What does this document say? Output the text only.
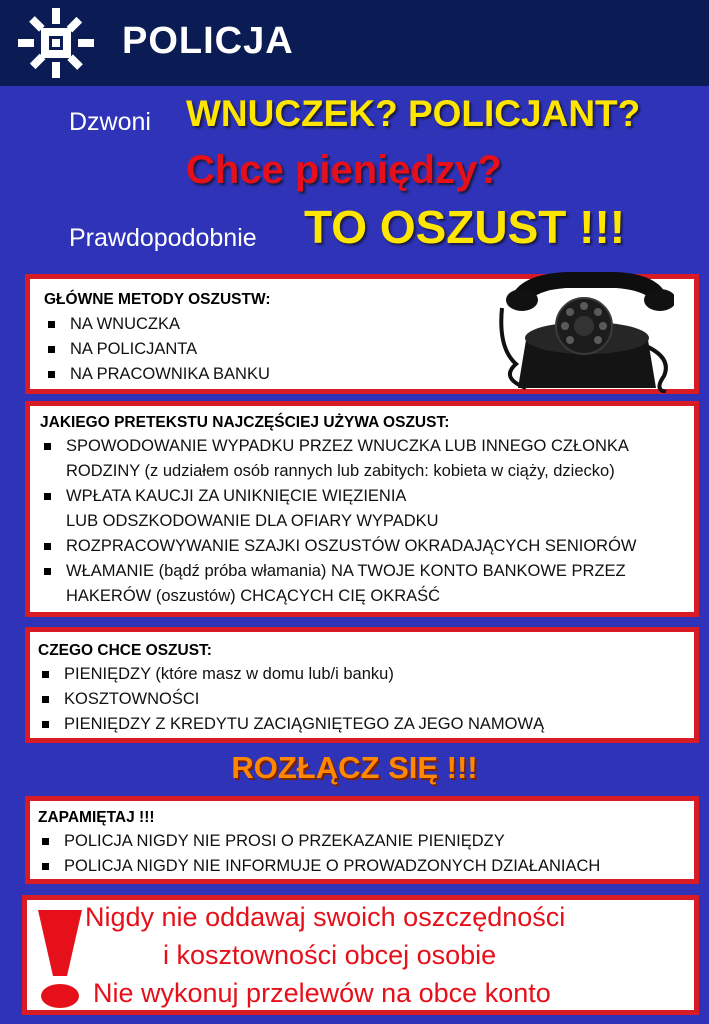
POLICJA
Dzwoni WNUCZEK? POLICJANT?
Chce pieniędzy?
Prawdopodobnie TO OSZUST !!!
GŁÓWNE METODY OSZUSTW:
NA WNUCZKA
NA POLICJANTA
NA PRACOWNIKA BANKU
JAKIEGO PRETEKSTU NAJCZĘŚCIEJ UŻYWA OSZUST:
SPOWODOWANIE WYPADKU PRZEZ WNUCZKA LUB INNEGO CZŁONKA
RODZINY (z udziałem osób rannych lub zabitych: kobieta w ciąży, dziecko)
WPŁATA KAUCJI ZA UNIKNIĘCIE WIĘZIENIA
LUB ODSZKODOWANIE DLA OFIARY WYPADKU
ROZPRACOWYWANIE SZAJKI OSZUSTÓW OKRADAJĄCYCH SENIORÓW
WŁAMANIE (bądź próba włamania) NA TWOJE KONTO BANKOWE PRZEZ
HAKERÓW (oszustów) CHCĄCYCH CIĘ OKRAŚĆ
CZEGO CHCE OSZUST:
PIENIĘDZY (które masz w domu lub/i banku)
KOSZTOWNOŚCI
PIENIĘDZY Z KREDYTU ZACIĄGNIĘTEGO ZA JEGO NAMOWĄ
ROZŁĄCZ SIĘ !!!
ZAPAMIĘTAJ !!!
POLICJA NIGDY NIE PROSI O PRZEKAZANIE PIENIĘDZY
POLICJA NIGDY NIE INFORMUJE O PROWADZONYCH DZIAŁANIACH
Nigdy nie oddawaj swoich oszczędności
i kosztowności obcej osobie
Nie wykonuj przelewów na obce konto
